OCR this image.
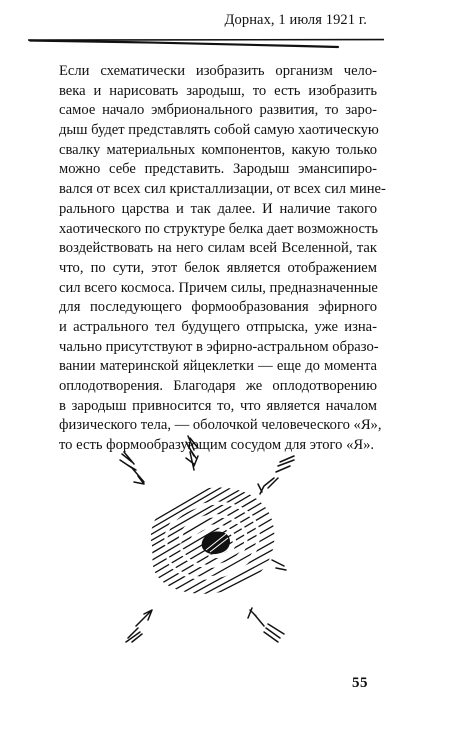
Дорнах, 1 июля 1921 г.
Если схематически изобразить организм чело-
века и нарисовать зародыш, то есть изобразить
самое начало эмбрионального развития, то заро-
дыш будет представлять собой самую хаотическую
свалку материальных компонентов, какую только
можно себе представить. Зародыш эмансипиро-
вался от всех сил кристаллизации, от всех сил мине-
рального царства и так далее. И наличие такого
хаотического по структуре белка дает возможность
воздействовать на него силам всей Вселенной, так
что, по сути, этот белок является отображением
сил всего космоса. Причем силы, предназначенные
для последующего формообразования эфирного
и астрального тел будущего отпрыска, уже изна-
чально присутствуют в эфирно-астральном образо-
вании материнской яйцеклетки — еще до момента
оплодотворения. Благодаря же оплодотворению
в зародыш привносится то, что является началом
физического тела, — оболочкой человеческого «Я»,
то есть формообразующим сосудом для этого «Я».
55
